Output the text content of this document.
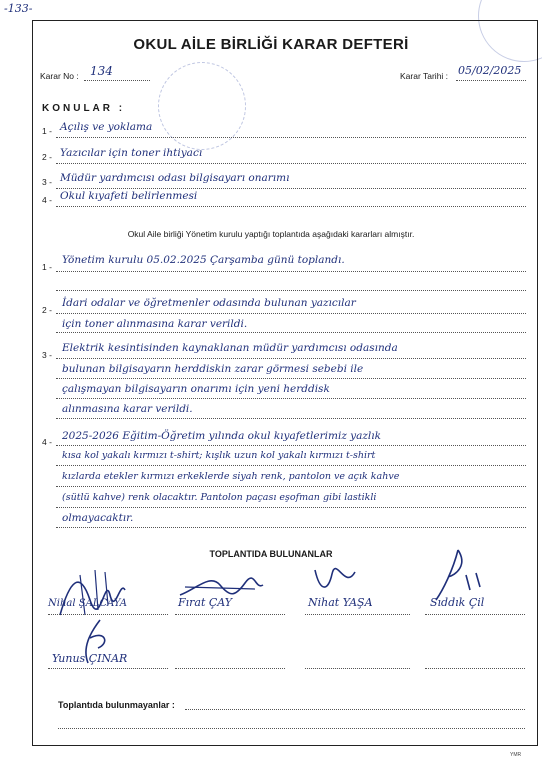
-133-
OKUL AİLE BİRLİĞİ KARAR DEFTERİ
Karar No : 134	Karar Tarihi : 05/02/2025
KONULAR :
1 - Açılış ve yoklama
2 - Yazıcılar için toner ihtiyacı
3 - Müdür yardımcısı odası bilgisayarı onarımı
4 - Okul kıyafeti belirlenmesi
Okul Aile birliği Yönetim kurulu yaptığı toplantıda aşağıdaki kararları almıştır.
1 -
Yönetim kurulu 05.02.2025 Çarşamba günü toplandı.
2 -
İdari odalar ve öğretmenler odasında bulunan yazıcılar
için toner alınmasına karar verildi.
3 -
Elektrik kesintisinden kaynaklanan müdür yardımcısı odasında
bulunan bilgisayarın herddiskin zarar görmesi sebebi ile
çalışmayan bilgisayarın onarımı için yeni herddisk
alınmasına karar verildi.
4 - 2025-2026 Eğitim-Öğretim yılında okul kıyafetlerimiz yazlık
kısa kol yakalı kırmızı t-shirt; kışlık uzun kol yakalı kırmızı t-shirt
kızlarda etekler kırmızı erkeklerde siyah renk, pantolon ve açık kahve
(sütlü kahve) renk olacaktır. Pantolon paçası eşofman gibi lastikli
olmayacaktır.
TOPLANTIDA BULUNANLAR
Nihal ŞALCAYA	Fırat ÇAY	Nihat YAŞA	Sıddık Çil
Yunus ÇINAR
Toplantıda bulunmayanlar :
YMR
